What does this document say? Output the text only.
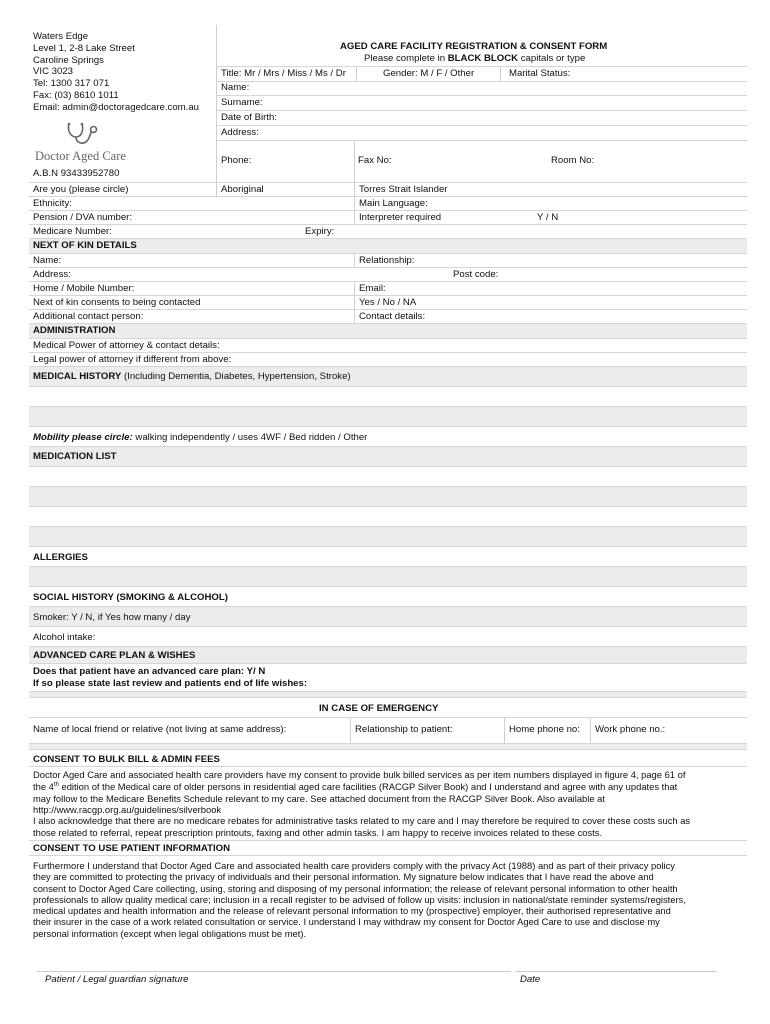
Waters Edge
Level 1, 2-8 Lake Street
Caroline Springs
VIC 3023
Tel: 1300 317 071
Fax: (03) 8610 1011
Email: admin@doctoragedcare.com.au
Doctor Aged Care
A.B.N 93433952780
AGED CARE FACILITY REGISTRATION & CONSENT FORM
Please complete in BLACK BLOCK capitals or type
Title: Mr / Mrs / Miss / Ms / Dr	Gender: M / F / Other	Marital Status:
Name:
Surname:
Date of Birth:
Address:
Phone:	Fax No:	Room No:
Are you (please circle)	Aboriginal	Torres Strait Islander
Ethnicity:	Main Language:
Pension / DVA number:	Interpreter required	Y / N
Medicare Number:	Expiry:
NEXT OF KIN DETAILS
Name:	Relationship:
Address:	Post code:
Home / Mobile Number:	Email:
Next of kin consents to being contacted	Yes / No / NA
Additional contact person:	Contact details:
ADMINISTRATION
Medical Power of attorney & contact details:
Legal power of attorney if different from above:
MEDICAL HISTORY (Including Dementia, Diabetes, Hypertension, Stroke)
Mobility please circle: walking independently / uses 4WF / Bed ridden / Other
MEDICATION LIST
ALLERGIES
SOCIAL HISTORY (SMOKING & ALCOHOL)
Smoker: Y / N, if Yes how many / day
Alcohol intake:
ADVANCED CARE PLAN & WISHES
Does that patient have an advanced care plan: Y/ N
If so please state last review and patients end of life wishes:
IN CASE OF EMERGENCY
Name of local friend or relative (not living at same address):	Relationship to patient:	Home phone no: Work phone no.:
CONSENT TO BULK BILL & ADMIN FEES
Doctor Aged Care and associated health care providers have my consent to provide bulk billed services as per item numbers displayed in figure 4, page 61 of
the 4th edition of the Medical care of older persons in residential aged care facilities (RACGP Silver Book) and I understand and agree with any updates that
may follow to the Medicare Benefits Schedule relevant to my care. See attached document from the RACGP Silver Book. Also available at
http://www.racgp.org.au/guidelines/silverbook
I also acknowledge that there are no medicare rebates for administrative tasks related to my care and I may therefore be required to cover these costs such as
those related to referral, repeat prescription printouts, faxing and other admin tasks. I am happy to receive invoices related to these costs.
CONSENT TO USE PATIENT INFORMATION
Furthermore I understand that Doctor Aged Care and associated health care providers comply with the privacy Act (1988) and as part of their privacy policy
they are committed to protecting the privacy of individuals and their personal information. My signature below indicates that I have read the above and
consent to Doctor Aged Care collecting, using, storing and disposing of my personal information; the release of relevant personal information to other health
professionals to allow quality medical care; inclusion in a recall register to be advised of follow up visits: inclusion in national/state reminder systems/registers,
medical updates and health information and the release of relevant personal information to my (prospective) employer, their authorised representative and
their insurer in the case of a work related consultation or service. I understand I may withdraw my consent for Doctor Aged Care to use and disclose my
personal information (except when legal obligations must be met).
Patient / Legal guardian signature	Date
